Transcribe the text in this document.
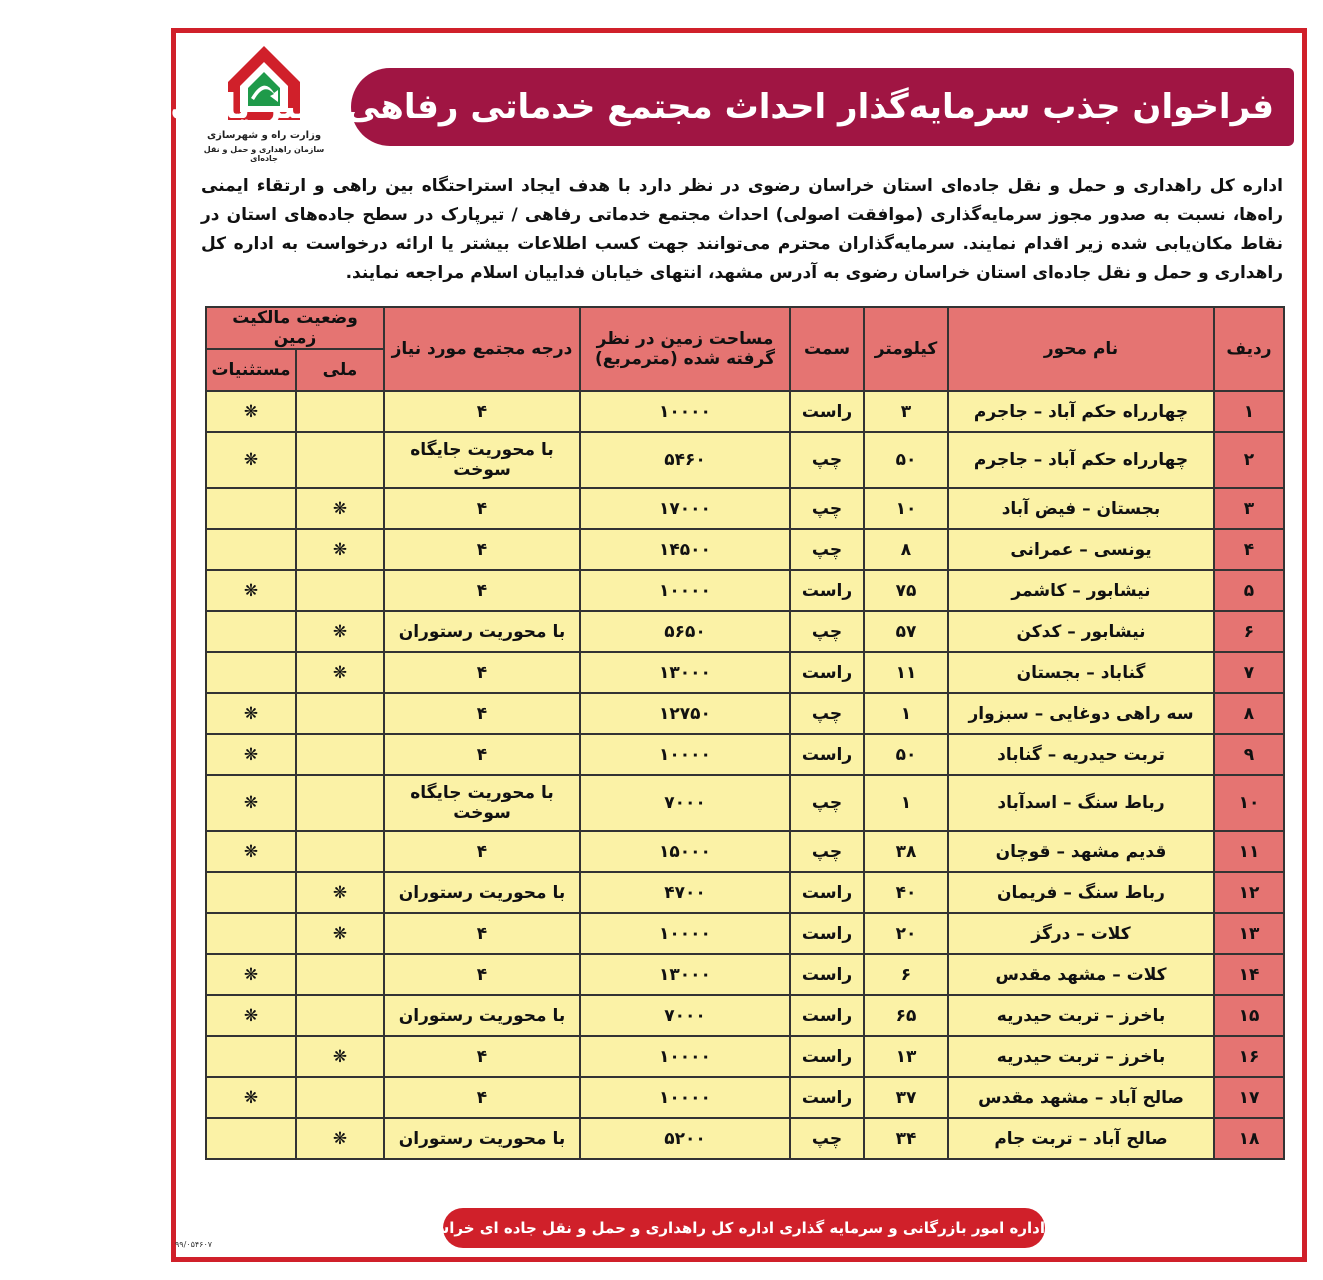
سازمان راهداری و حمل و نقل جاده‌ای
فراخوان جذب سرمایه‌گذار احداث مجتمع خدماتی رفاهی / تیر پارک بین راهی
اداره کل راهداری و حمل و نقل جاده‌ای استان خراسان رضوی در نظر دارد با هدف ایجاد استراحتگاه بین راهی و ارتقاء ایمنی راه‌ها، نسبت به صدور مجوز سرمایه‌گذاری (موافقت اصولی) احداث مجتمع خدماتی رفاهی / تیرپارک در سطح جاده‌های استان در نقاط مکان‌یابی شده زیر اقدام نمایند. سرمایه‌گذاران محترم می‌توانند جهت کسب اطلاعات بیشتر یا ارائه درخواست به اداره کل راهداری و حمل و نقل جاده‌ای استان خراسان رضوی به آدرس مشهد، انتهای خیابان فداییان اسلام مراجعه نمایند.
ردیف	نام محور	کیلومتر	سمت	مساحت زمین در نظر گرفته شده (مترمربع)	درجه مجتمع مورد نیاز	وضعیت مالکیت زمین	
						ملی	مستثنیات
۱	چهارراه حکم آباد – جاجرم	۳	راست	۱۰۰۰۰	۴		❋
۲	چهارراه حکم آباد – جاجرم	۵۰	چپ	۵۴۶۰	با محوریت جایگاه سوخت		❋
۳	بجستان – فیض آباد	۱۰	چپ	۱۷۰۰۰	۴	❋	
۴	یونسی – عمرانی	۸	چپ	۱۴۵۰۰	۴	❋	
۵	نیشابور – کاشمر	۷۵	راست	۱۰۰۰۰	۴		❋
۶	نیشابور – کدکن	۵۷	چپ	۵۶۵۰	با محوریت رستوران	❋	
۷	گناباد – بجستان	۱۱	راست	۱۳۰۰۰	۴	❋	
۸	سه راهی دوغایی – سبزوار	۱	چپ	۱۲۷۵۰	۴		❋
۹	تربت حیدریه – گناباد	۵۰	راست	۱۰۰۰۰	۴		❋
۱۰	رباط سنگ – اسدآباد	۱	چپ	۷۰۰۰	با محوریت جایگاه سوخت		❋
۱۱	قدیم مشهد – قوچان	۳۸	چپ	۱۵۰۰۰	۴		❋
۱۲	رباط سنگ – فریمان	۴۰	راست	۴۷۰۰	با محوریت رستوران	❋	
۱۳	کلات – درگز	۲۰	راست	۱۰۰۰۰	۴	❋	
۱۴	کلات – مشهد مقدس	۶	راست	۱۳۰۰۰	۴		❋
۱۵	باخرز – تربت حیدریه	۶۵	راست	۷۰۰۰	با محوریت رستوران		❋
۱۶	باخرز – تربت حیدریه	۱۳	راست	۱۰۰۰۰	۴	❋	
۱۷	صالح آباد – مشهد مقدس	۳۷	راست	۱۰۰۰۰	۴		❋
۱۸	صالح آباد – تربت جام	۳۴	چپ	۵۲۰۰	با محوریت رستوران	❋	
اداره امور بازرگانی و سرمایه گذاری اداره کل راهداری و حمل و نقل جاده ای خراسان رضوی
۹۹/۰۵۴۶۰۷
